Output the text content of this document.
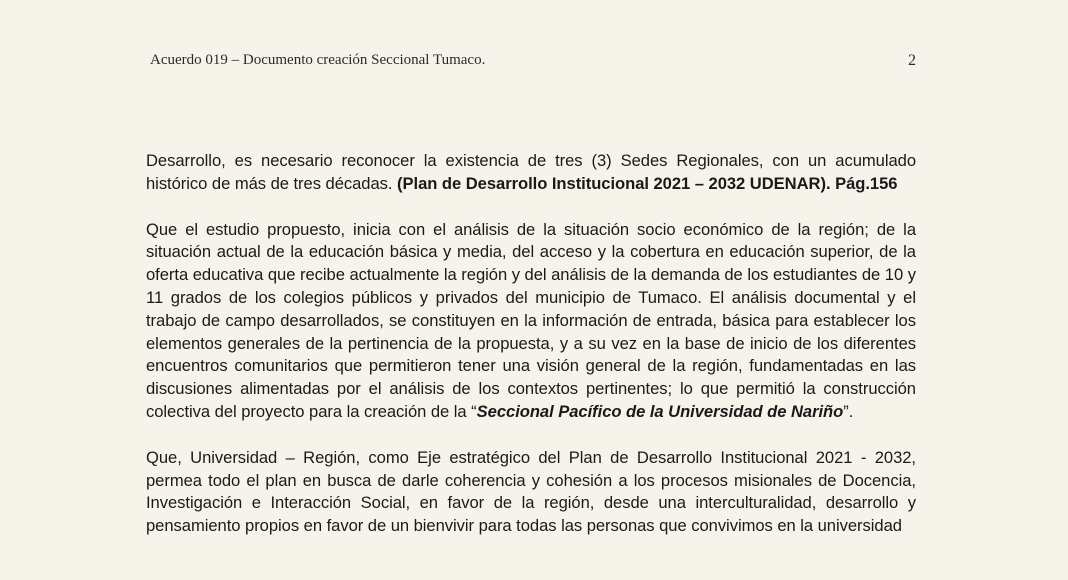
Acuerdo 019 – Documento creación Seccional Tumaco.	2

Desarrollo, es necesario reconocer la existencia de tres (3) Sedes Regionales, con un acumulado histórico de más de tres décadas. (Plan de Desarrollo Institucional 2021 – 2032 UDENAR). Pág.156

Que el estudio propuesto, inicia con el análisis de la situación socio económico de la región; de la situación actual de la educación básica y media, del acceso y la cobertura en educación superior, de la oferta educativa que recibe actualmente la región y del análisis de la demanda de los estudiantes de 10 y 11 grados de los colegios públicos y privados del municipio de Tumaco. El análisis documental y el trabajo de campo desarrollados, se constituyen en la información de entrada, básica para establecer los elementos generales de la pertinencia de la propuesta, y a su vez en la base de inicio de los diferentes encuentros comunitarios que permitieron tener una visión general de la región, fundamentadas en las discusiones alimentadas por el análisis de los contextos pertinentes; lo que permitió la construcción colectiva del proyecto para la creación de la “Seccional Pacífico de la Universidad de Nariño”.

Que, Universidad – Región, como Eje estratégico del Plan de Desarrollo Institucional 2021 - 2032, permea todo el plan en busca de darle coherencia y cohesión a los procesos misionales de Docencia, Investigación e Interacción Social, en favor de la región, desde una interculturalidad, desarrollo y pensamiento propios en favor de un bienvivir para todas las personas que convivimos en la universidad
